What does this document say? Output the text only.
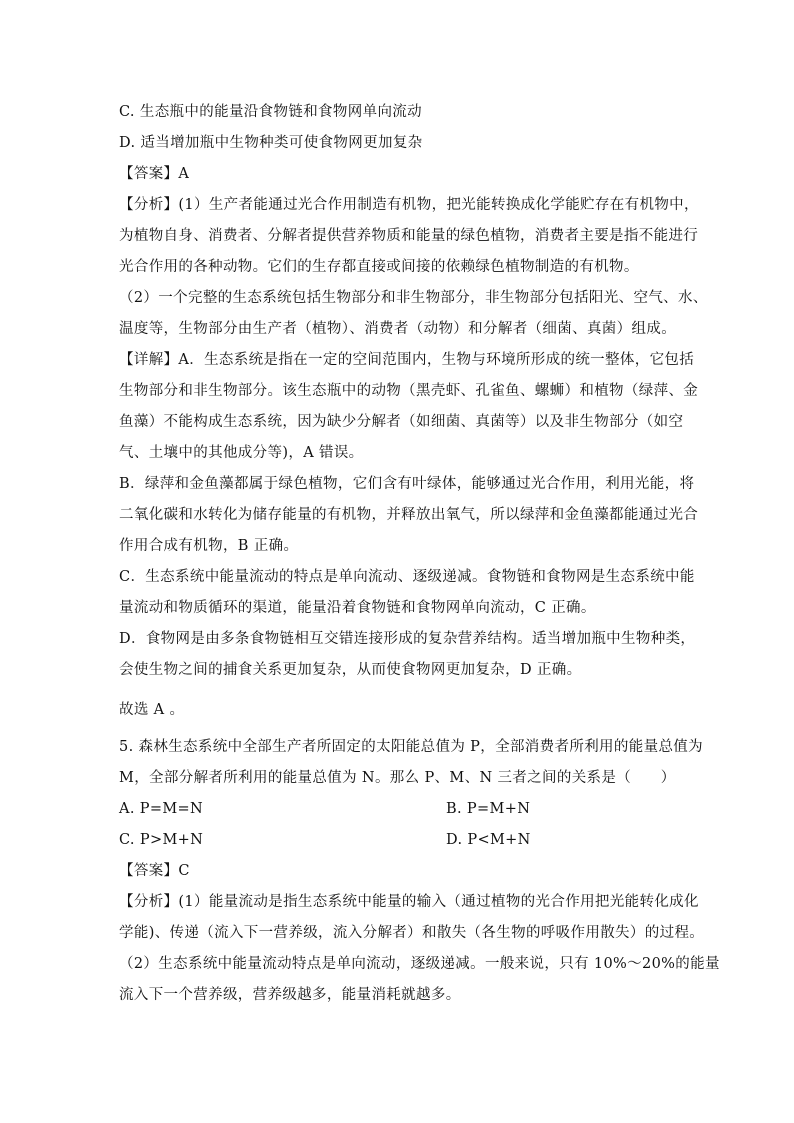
C. 生态瓶中的能量沿食物链和食物网单向流动
D. 适当增加瓶中生物种类可使食物网更加复杂
【答案】A
【分析】(1）生产者能通过光合作用制造有机物，把光能转换成化学能贮存在有机物中，
为植物自身、消费者、分解者提供营养物质和能量的绿色植物，消费者主要是指不能进行
光合作用的各种动物。它们的生存都直接或间接的依赖绿色植物制造的有机物。
（2）一个完整的生态系统包括生物部分和非生物部分，非生物部分包括阳光、空气、水、
温度等，生物部分由生产者（植物）、消费者（动物）和分解者（细菌、真菌）组成。
【详解】A．生态系统是指在一定的空间范围内，生物与环境所形成的统一整体，它包括
生物部分和非生物部分。该生态瓶中的动物（黑壳虾、孔雀鱼、螺蛳）和植物（绿萍、金
鱼藻）不能构成生态系统，因为缺少分解者（如细菌、真菌等）以及非生物部分（如空
气、土壤中的其他成分等)，A 错误。
B．绿萍和金鱼藻都属于绿色植物，它们含有叶绿体，能够通过光合作用，利用光能，将
二氧化碳和水转化为储存能量的有机物，并释放出氧气，所以绿萍和金鱼藻都能通过光合
作用合成有机物，B 正确。
C．生态系统中能量流动的特点是单向流动、逐级递减。食物链和食物网是生态系统中能
量流动和物质循环的渠道，能量沿着食物链和食物网单向流动，C 正确。
D．食物网是由多条食物链相互交错连接形成的复杂营养结构。适当增加瓶中生物种类，
会使生物之间的捕食关系更加复杂，从而使食物网更加复杂，D 正确。
故选 A 。
5. 森林生态系统中全部生产者所固定的太阳能总值为 P，全部消费者所利用的能量总值为
M，全部分解者所利用的能量总值为 N。那么 P、M、N 三者之间的关系是（　　）
A. P=M=N	B. P=M+N
C. P>M+N	D. P<M+N
【答案】C
【分析】(1）能量流动是指生态系统中能量的输入（通过植物的光合作用把光能转化成化
学能)、传递（流入下一营养级，流入分解者）和散失（各生物的呼吸作用散失）的过程。
（2）生态系统中能量流动特点是单向流动，逐级递减。一般来说，只有 10%～20%的能量
流入下一个营养级，营养级越多，能量消耗就越多。
